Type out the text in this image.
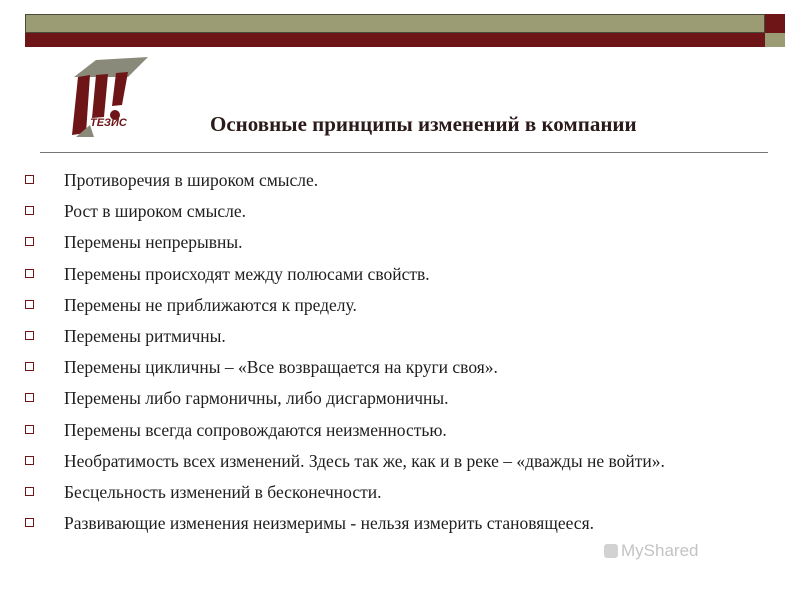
ТЕЗИС	Основные принципы изменений в компании
Противоречия в широком смысле.
Рост в широком смысле.
Перемены непрерывны.
Перемены происходят между полюсами свойств.
Перемены не приближаются к пределу.
Перемены ритмичны.
Перемены цикличны – «Все возвращается на круги своя».
Перемены либо гармоничны, либо дисгармоничны.
Перемены всегда сопровождаются неизменностью.
Необратимость всех изменений. Здесь так же, как и в реке – «дважды не войти».
Бесцельность изменений в бесконечности.
Развивающие изменения неизмеримы - нельзя измерить становящееся.
MyShared
